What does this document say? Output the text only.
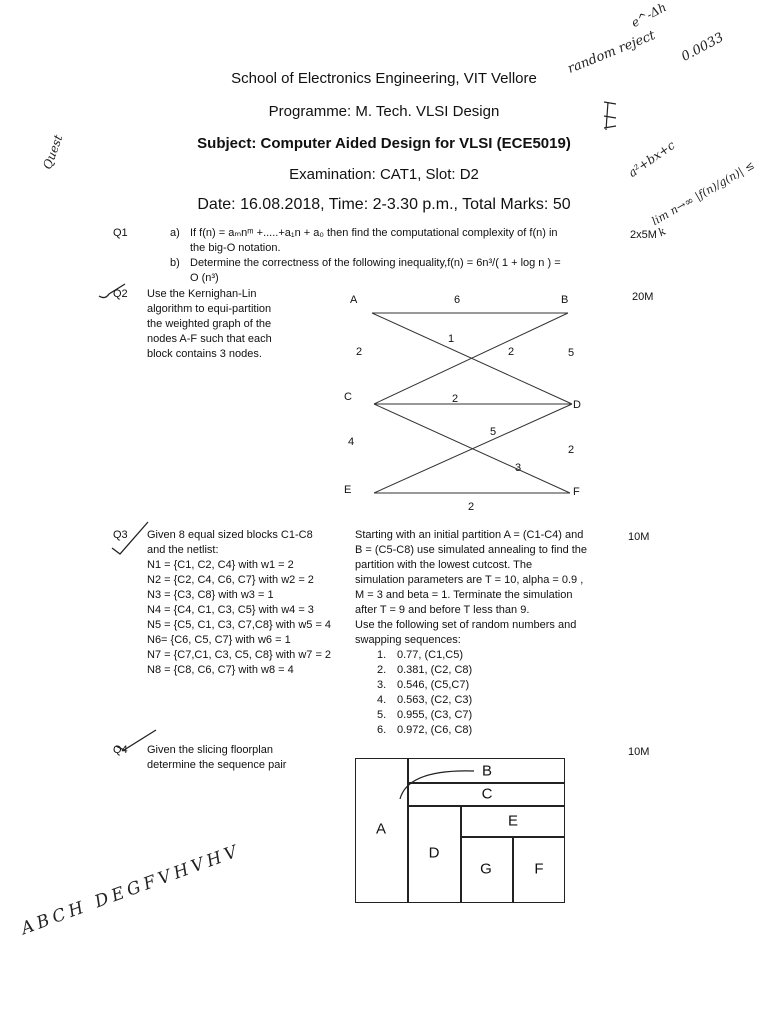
School of Electronics Engineering, VIT Vellore
Programme: M. Tech. VLSI Design
Subject: Computer Aided Design for VLSI (ECE5019)
Examination: CAT1, Slot: D2
Date: 16.08.2018, Time: 2-3.30 p.m., Total Marks: 50
Q1	a) If f(n) = aₘnᵐ +.....+a₁n + a₀ then find the computational complexity of f(n) in
the big-O notation.
b) Determine the correctness of the following inequality,f(n) = 6n³/( 1 + log n ) =
O (n³)
2x5M
Q2 Use the Kernighan-Lin
algorithm to equi-partition
the weighted graph of the
nodes A-F such that each
block contains 3 nodes.
20M
A	B
C
D
E	F
6
1
2	2	5
2
5
4
2
3
2
Q3 Given 8 equal sized blocks C1-C8
and the netlist:
N1 = {C1, C2, C4} with w1 = 2
N2 = {C2, C4, C6, C7} with w2 = 2
N3 = {C3, C8} with w3 = 1
N4 = {C4, C1, C3, C5} with w4 = 3
N5 = {C5, C1, C3, C7,C8} with w5 = 4
N6= {C6, C5, C7} with w6 = 1
N7 = {C7,C1, C3, C5, C8} with w7 = 2
N8 = {C8, C6, C7} with w8 = 4
Starting with an initial partition A = (C1-C4) and
B = (C5-C8) use simulated annealing to find the
partition with the lowest cutcost. The
simulation parameters are T = 10, alpha = 0.9 ,
M = 3 and beta = 1. Terminate the simulation
after T = 9 and before T less than 9.
Use the following set of random numbers and
swapping sequences:
1. 0.77, (C1,C5)
2. 0.381, (C2, C8)
3. 0.546, (C5,C7)
4. 0.563, (C2, C3)
5. 0.955, (C3, C7)
6. 0.972, (C6, C8)
10M
Q4 Given the slicing floorplan
determine the sequence pair
10M
A
B
C
D
E
G	F
random reject
e^-Δh
0.0033
a²+bx+c
lim n→∞ |f(n)/g(n)| ≤ k
Quest
ABCH DEGFVHVHV
